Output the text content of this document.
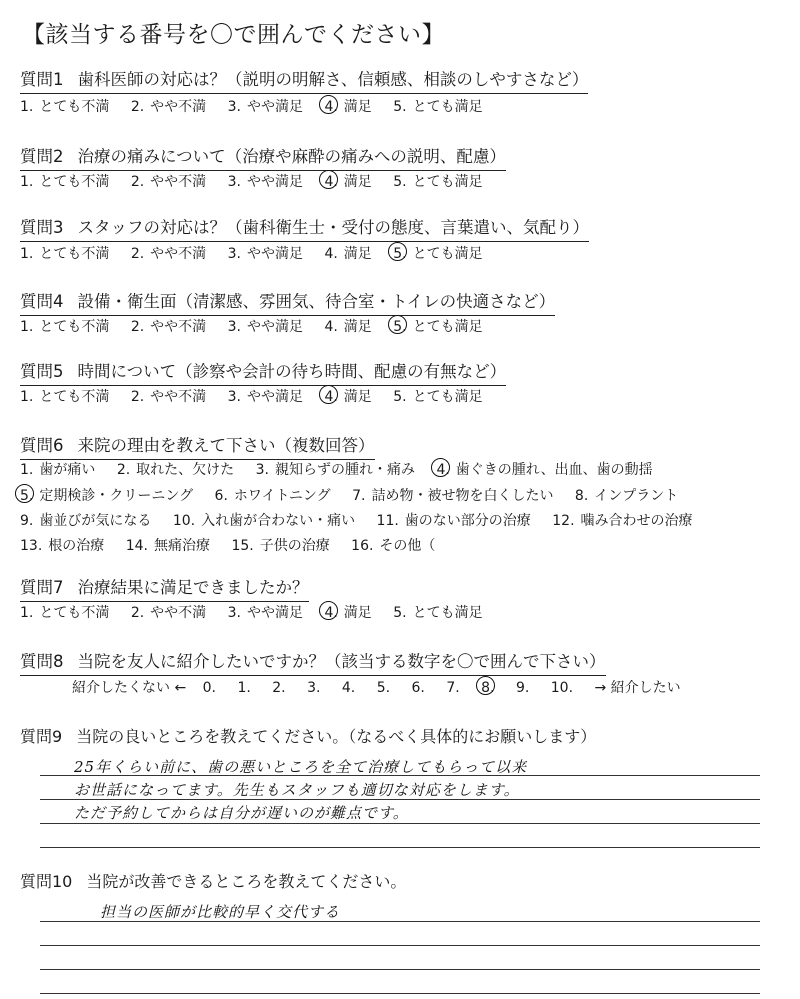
【該当する番号を〇で囲んでください】
質問1 歯科医師の対応は？（説明の明解さ、信頼感、相談のしやすさなど）
1. とても不満 2. やや不満 3. やや満足 4. 満足 5. とても満足
質問2 治療の痛みについて（治療や麻酔の痛みへの説明、配慮）
1. とても不満 2. やや不満 3. やや満足 4. 満足 5. とても満足
質問3 スタッフの対応は？（歯科衛生士・受付の態度、言葉遣い、気配り）
1. とても不満 2. やや不満 3. やや満足 4. 満足 5. とても満足
質問4 設備・衛生面（清潔感、雰囲気、待合室・トイレの快適さなど）
1. とても不満 2. やや不満 3. やや満足 4. 満足 5. とても満足
質問5 時間について（診察や会計の待ち時間、配慮の有無など）
1. とても不満 2. やや不満 3. やや満足 4. 満足 5. とても満足
質問6 来院の理由を教えて下さい（複数回答）
1. 歯が痛い 2. 取れた、欠けた 3. 親知らずの腫れ・痛み 4. 歯ぐきの腫れ、出血、歯の動揺
5. 定期検診・クリーニング 6. ホワイトニング 7. 詰め物・被せ物を白くしたい 8. インプラント
9. 歯並びが気になる 10. 入れ歯が合わない・痛い 11. 歯のない部分の治療 12. 噛み合わせの治療
13. 根の治療 14. 無痛治療 15. 子供の治療 16. その他（
質問7 治療結果に満足できましたか？
1. とても不満 2. やや不満 3. やや満足 4. 満足 5. とても満足
質問8 当院を友人に紹介したいですか？（該当する数字を〇で囲んで下さい）
紹介したくない ← 0. 1. 2. 3. 4. 5. 6. 7. 8. 9. 10. → 紹介したい
質問9 当院の良いところを教えてください。（なるべく具体的にお願いします）
25年くらい前に、歯の悪いところを全て治療してもらって以来
お世話になってます。先生もスタッフも適切な対応をします。
ただ予約してからは自分が遅いのが難点です。
質問10 当院が改善できるところを教えてください。
担当の医師が比較的早く交代する
